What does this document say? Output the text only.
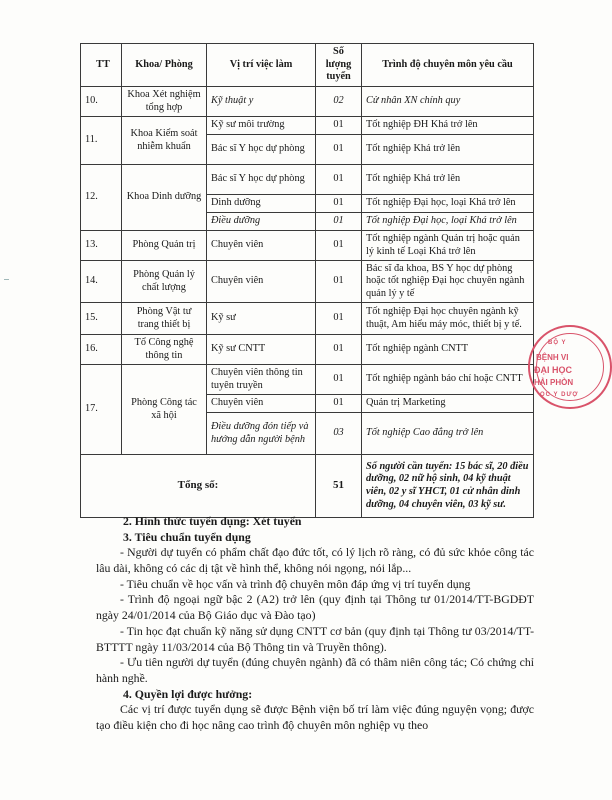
TT	Khoa/ Phòng	Vị trí việc làm	Số lượng tuyển	Trình độ chuyên môn yêu cầu
10.	Khoa Xét nghiệm tổng hợp	Kỹ thuật y	02	Cử nhân XN chính quy
11.	Khoa Kiểm soát nhiễm khuẩn	Kỹ sư môi trường	01	Tốt nghiệp ĐH Khá trở lên
		Bác sĩ Y học dự phòng	01	Tốt nghiệp Khá trở lên
12.	Khoa Dinh dưỡng	Bác sĩ Y học dự phòng	01	Tốt nghiệp Khá trở lên
		Dinh dưỡng	01	Tốt nghiệp Đại học, loại Khá trở lên
		Điều dưỡng	01	Tốt nghiệp Đại học, loại Khá trở lên
13.	Phòng Quản trị	Chuyên viên	01	Tốt nghiệp ngành Quản trị hoặc quản lý kinh tế Loại Khá trở lên
14.	Phòng Quản lý chất lượng	Chuyên viên	01	Bác sĩ đa khoa, BS Y học dự phòng hoặc tốt nghiệp Đại học chuyên ngành quản lý y tế
15.	Phòng Vật tư trang thiết bị	Kỹ sư	01	Tốt nghiệp Đại học chuyên ngành kỹ thuật, Am hiểu máy móc, thiết bị y tế.
16.	Tổ Công nghệ thông tin	Kỹ sư CNTT	01	Tốt nghiệp ngành CNTT
17.	Phòng Công tác xã hội	Chuyên viên thông tin tuyên truyền	01	Tốt nghiệp ngành báo chí hoặc CNTT
		Chuyên viên	01	Quản trị Marketing
		Điều dưỡng đón tiếp và hướng dẫn người bệnh	03	Tốt nghiệp Cao đẳng trở lên
Tổng số:			51	Số người cần tuyển: 15 bác sĩ, 20 điều dưỡng, 02 nữ hộ sinh, 04 kỹ thuật viên, 02 y sĩ YHCT, 01 cử nhân dinh dưỡng, 04 chuyên viên, 03 kỹ sư.

2. Hình thức tuyển dụng: Xét tuyển

3. Tiêu chuẩn tuyển dụng

- Người dự tuyển có phẩm chất đạo đức tốt, có lý lịch rõ ràng, có đủ sức khỏe công tác lâu dài, không có các dị tật về hình thể, không nói ngọng, nói lắp...

- Tiêu chuẩn về học vấn và trình độ chuyên môn đáp ứng vị trí tuyển dụng

- Trình độ ngoại ngữ bậc 2 (A2) trở lên (quy định tại Thông tư 01/2014/TT-BGDĐT ngày 24/01/2014 của Bộ Giáo dục và Đào tạo)

- Tin học đạt chuẩn kỹ năng sử dụng CNTT cơ bản (quy định tại Thông tư 03/2014/TT-BTTTT ngày 11/03/2014 của Bộ Thông tin và Truyền thông).

- Ưu tiên người dự tuyển (đúng chuyên ngành) đã có thâm niên công tác; Có chứng chỉ hành nghề.

4. Quyền lợi được hưởng:

Các vị trí được tuyển dụng sẽ được Bệnh viện bố trí làm việc đúng nguyện vọng; được tạo điều kiện cho đi học nâng cao trình độ chuyên môn nghiệp vụ theo

BỘ Y
BỆNH VI
ĐẠI HỌC
HẢI PHÒN
ỌC Y DƯỢ
